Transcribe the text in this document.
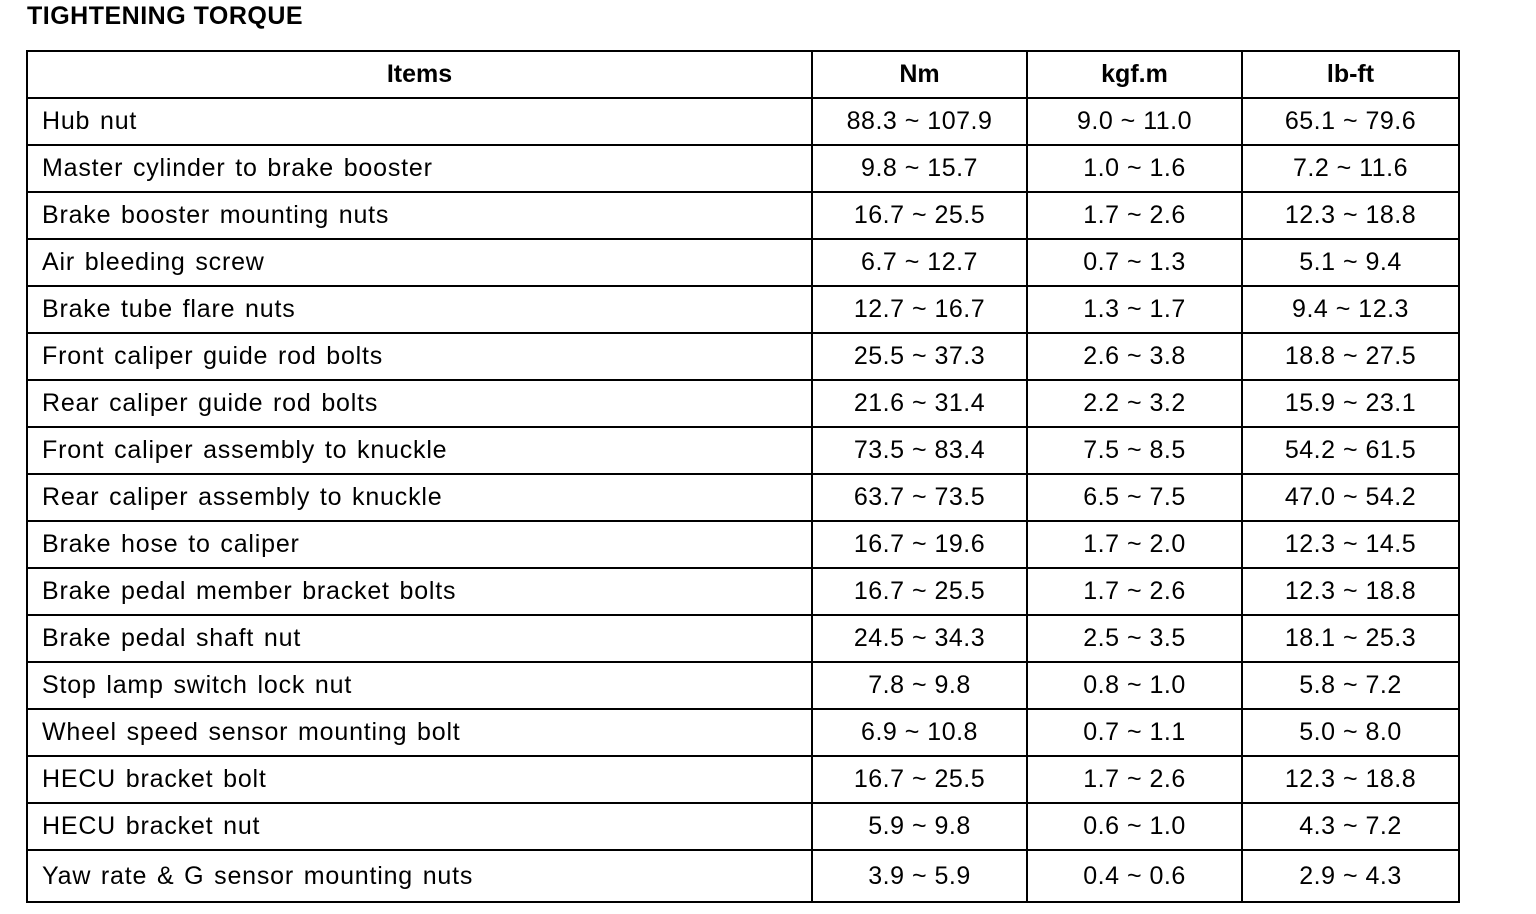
TIGHTENING TORQUE
Items	Nm	kgf.m	lb-ft
Hub nut	88.3 ~ 107.9	9.0 ~ 11.0	65.1 ~ 79.6
Master cylinder to brake booster	9.8 ~ 15.7	1.0 ~ 1.6	7.2 ~ 11.6
Brake booster mounting nuts	16.7 ~ 25.5	1.7 ~ 2.6	12.3 ~ 18.8
Air bleeding screw	6.7 ~ 12.7	0.7 ~ 1.3	5.1 ~ 9.4
Brake tube flare nuts	12.7 ~ 16.7	1.3 ~ 1.7	9.4 ~ 12.3
Front caliper guide rod bolts	25.5 ~ 37.3	2.6 ~ 3.8	18.8 ~ 27.5
Rear caliper guide rod bolts	21.6 ~ 31.4	2.2 ~ 3.2	15.9 ~ 23.1
Front caliper assembly to knuckle	73.5 ~ 83.4	7.5 ~ 8.5	54.2 ~ 61.5
Rear caliper assembly to knuckle	63.7 ~ 73.5	6.5 ~ 7.5	47.0 ~ 54.2
Brake hose to caliper	16.7 ~ 19.6	1.7 ~ 2.0	12.3 ~ 14.5
Brake pedal member bracket bolts	16.7 ~ 25.5	1.7 ~ 2.6	12.3 ~ 18.8
Brake pedal shaft nut	24.5 ~ 34.3	2.5 ~ 3.5	18.1 ~ 25.3
Stop lamp switch lock nut	7.8 ~ 9.8	0.8 ~ 1.0	5.8 ~ 7.2
Wheel speed sensor mounting bolt	6.9 ~ 10.8	0.7 ~ 1.1	5.0 ~ 8.0
HECU bracket bolt	16.7 ~ 25.5	1.7 ~ 2.6	12.3 ~ 18.8
HECU bracket nut	5.9 ~ 9.8	0.6 ~ 1.0	4.3 ~ 7.2
Yaw rate & G sensor mounting nuts	3.9 ~ 5.9	0.4 ~ 0.6	2.9 ~ 4.3
